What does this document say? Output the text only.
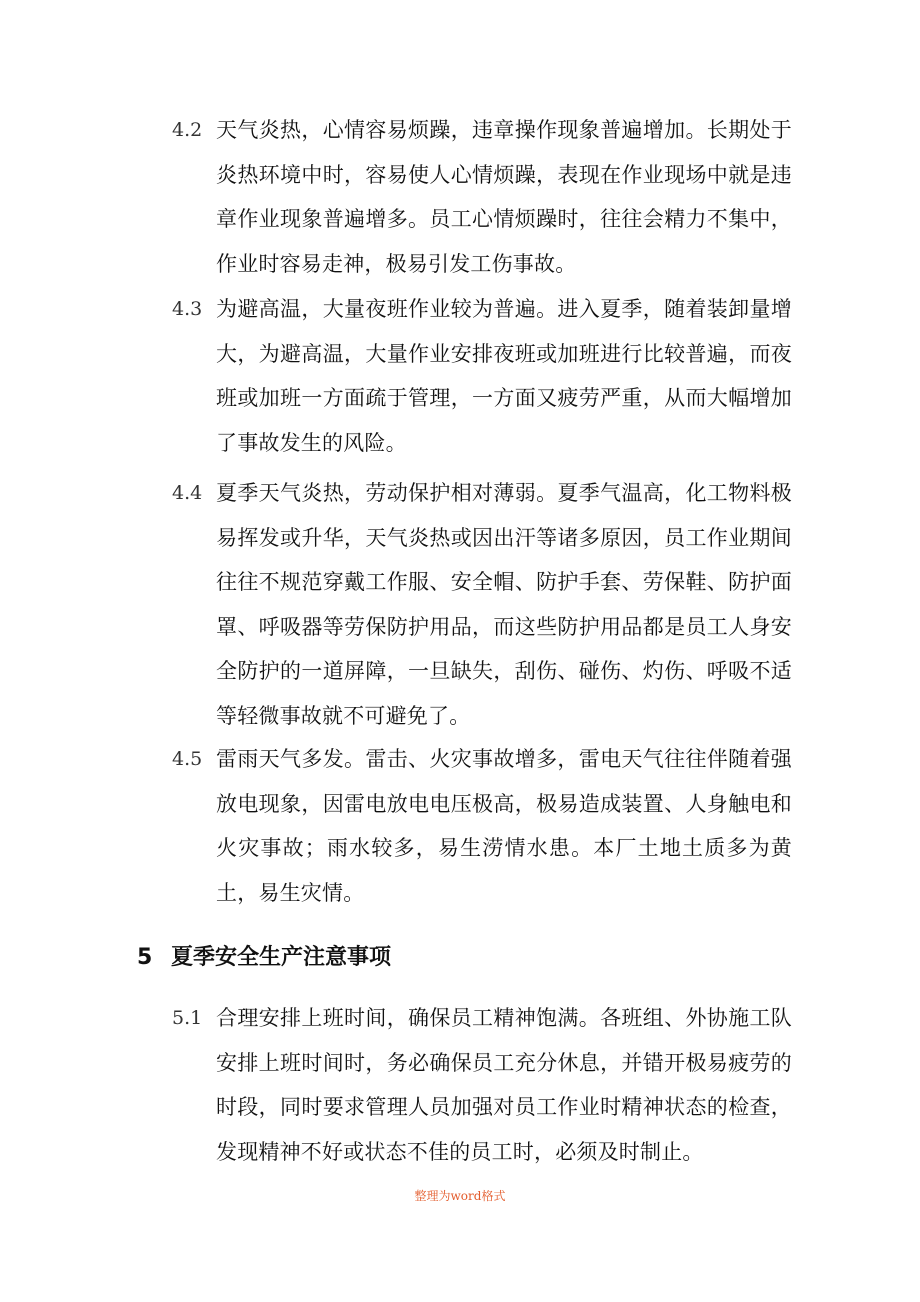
4.2 天气炎热，心情容易烦躁，违章操作现象普遍增加。长期处于炎热环境中时，容易使人心情烦躁，表现在作业现场中就是违章作业现象普遍增多。员工心情烦躁时，往往会精力不集中，作业时容易走神，极易引发工伤事故。
4.3 为避高温，大量夜班作业较为普遍。进入夏季，随着装卸量增大，为避高温，大量作业安排夜班或加班进行比较普遍，而夜班或加班一方面疏于管理，一方面又疲劳严重，从而大幅增加了事故发生的风险。
4.4 夏季天气炎热，劳动保护相对薄弱。夏季气温高，化工物料极易挥发或升华，天气炎热或因出汗等诸多原因，员工作业期间往往不规范穿戴工作服、安全帽、防护手套、劳保鞋、防护面罩、呼吸器等劳保防护用品，而这些防护用品都是员工人身安全防护的一道屏障，一旦缺失，刮伤、碰伤、灼伤、呼吸不适等轻微事故就不可避免了。
4.5 雷雨天气多发。雷击、火灾事故增多，雷电天气往往伴随着强放电现象，因雷电放电电压极高，极易造成装置、人身触电和火灾事故；雨水较多，易生涝情水患。本厂土地土质多为黄土，易生灾情。
5 夏季安全生产注意事项
5.1 合理安排上班时间，确保员工精神饱满。各班组、外协施工队安排上班时间时，务必确保员工充分休息，并错开极易疲劳的时段，同时要求管理人员加强对员工作业时精神状态的检查，发现精神不好或状态不佳的员工时，必须及时制止。
整理为word格式
